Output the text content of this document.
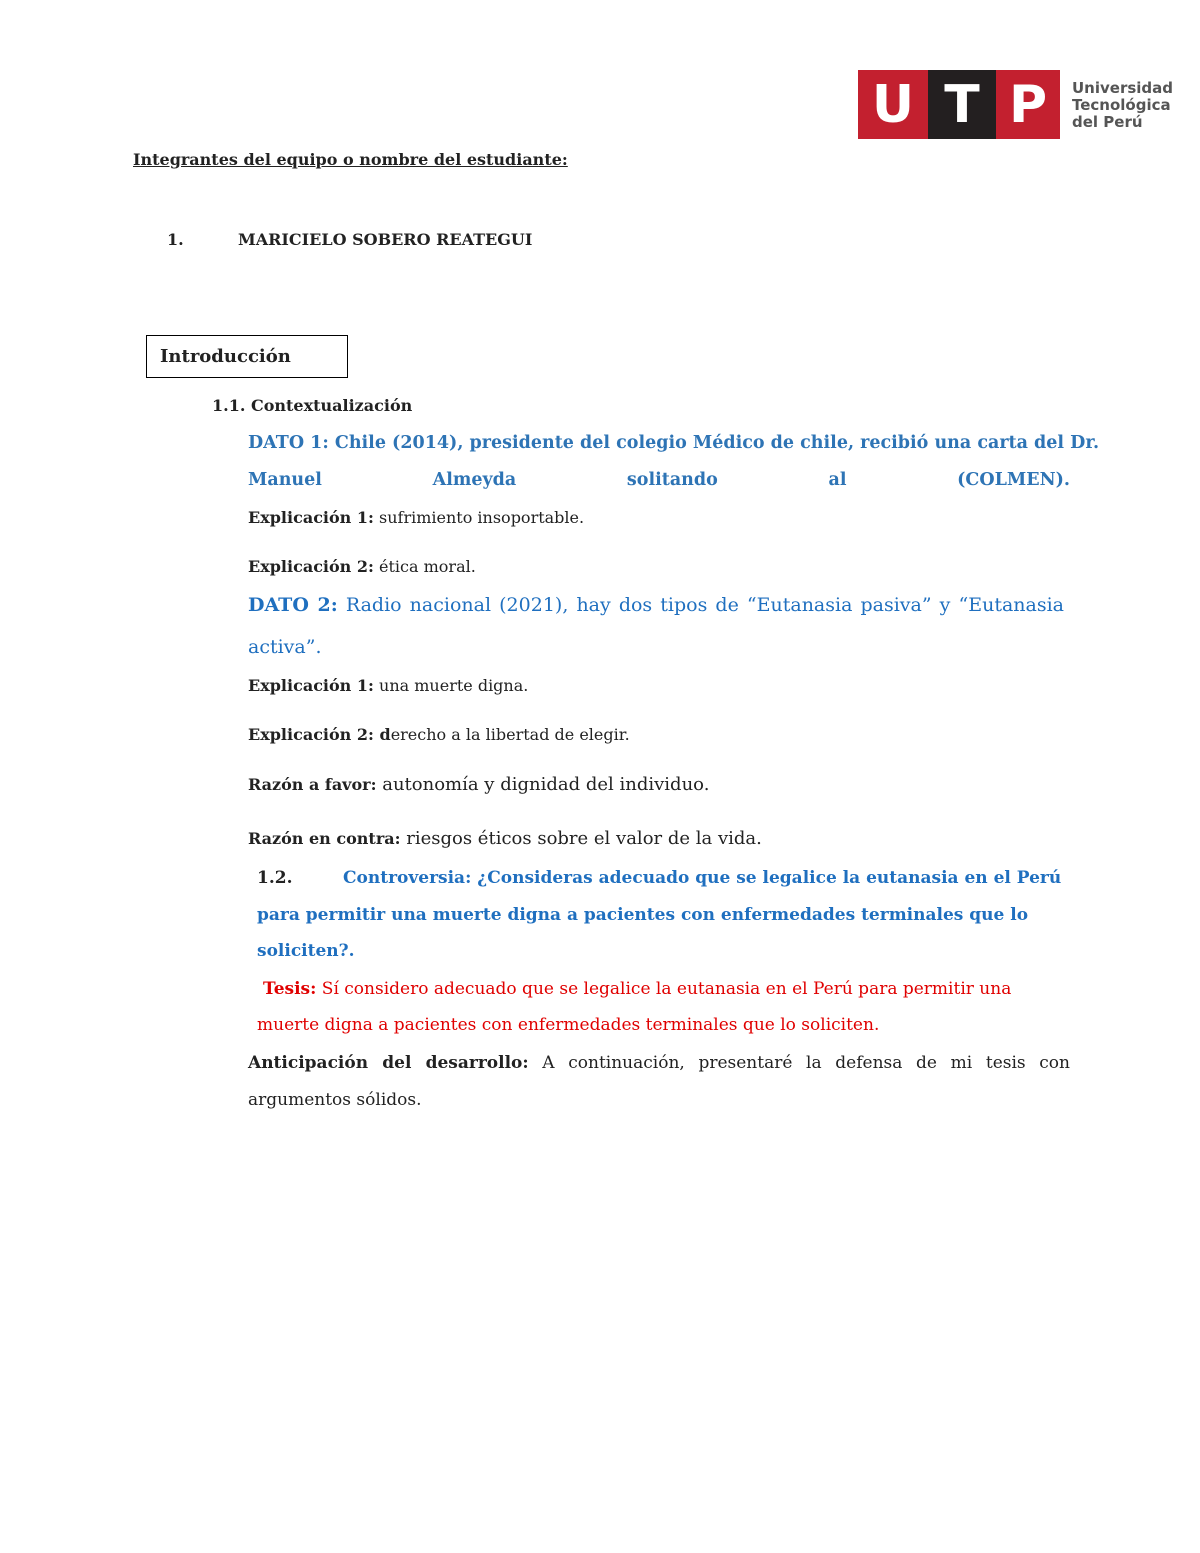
U T P	Universidad
Tecnológica
del Perú
Integrantes del equipo o nombre del estudiante:
1.	MARICIELO SOBERO REATEGUI
Introducción
1.1. Contextualización
DATO 1: Chile (2014), presidente del colegio Médico de chile, recibió una carta del Dr.
Manuel	Almeyda	solitando	al	(COLMEN).
Explicación 1: sufrimiento insoportable.
Explicación 2: ética moral.
DATO 2: Radio nacional (2021), hay dos tipos de “Eutanasia pasiva” y “Eutanasia
activa”.
Explicación 1: una muerte digna.
Explicación 2: derecho a la libertad de elegir.
Razón a favor: autonomía y dignidad del individuo.
Razón en contra: riesgos éticos sobre el valor de la vida.
1.2.	Controversia: ¿Consideras adecuado que se legalice la eutanasia en el Perú
para permitir una muerte digna a pacientes con enfermedades terminales que lo
soliciten?.
Tesis: Sí considero adecuado que se legalice la eutanasia en el Perú para permitir una
muerte digna a pacientes con enfermedades terminales que lo soliciten.
Anticipación del desarrollo: A continuación, presentaré la defensa de mi tesis con
argumentos sólidos.
